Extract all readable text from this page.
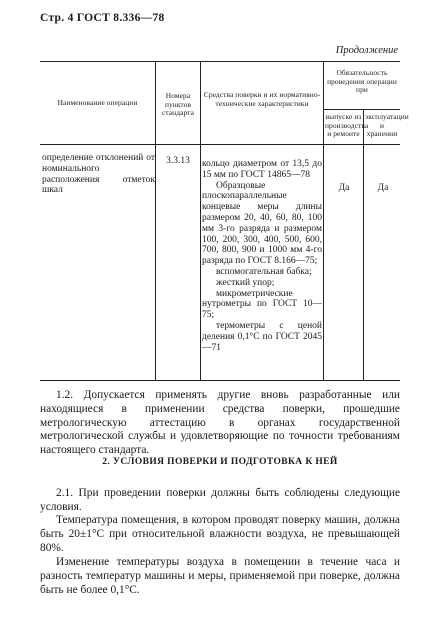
Стр. 4 ГОСТ 8.336—78
Продолжение
Наименование операции
Номера пунктов стандарта
Средства поверки и их нормативно-технические характеристики
Обязательность проведения операции при
выпуске из производства и ремонте
эксплуатации и хранении
определение отклонений от номинального расположения отметок шкал
3.3.13	кольцо диаметром от 13,5 до 15 мм по ГОСТ 14865—78
Образцовые плоскопараллельные концевые меры длины размером 20, 40, 60, 80, 100 мм 3-го разряда и размером 100, 200, 300, 400, 500, 600, 700, 800, 900 и 1000 мм 4-го разряда по ГОСТ 8.166—75;
вспомогательная бабка;
жесткий упор;
микрометрические нутрометры по ГОСТ 10—75;
термометры с ценой деления 0,1°С по ГОСТ 2045—71
Да	Да
1.2. Допускается применять другие вновь разработанные или находящиеся в применении средства поверки, прошедшие метрологическую аттестацию в органах государственной метрологической службы и удовлетворяющие по точности требованиям настоящего стандарта.
2. УСЛОВИЯ ПОВЕРКИ И ПОДГОТОВКА К НЕЙ
2.1. При проведении поверки должны быть соблюдены следующие условия.
Температура помещения, в котором проводят поверку машин, должна быть 20±1°С при относительной влажности воздуха, не превышающей 80%.
Изменение температуры воздуха в помещении в течение часа и разность температур машины и меры, применяемой при поверке, должна быть не более 0,1°С.
